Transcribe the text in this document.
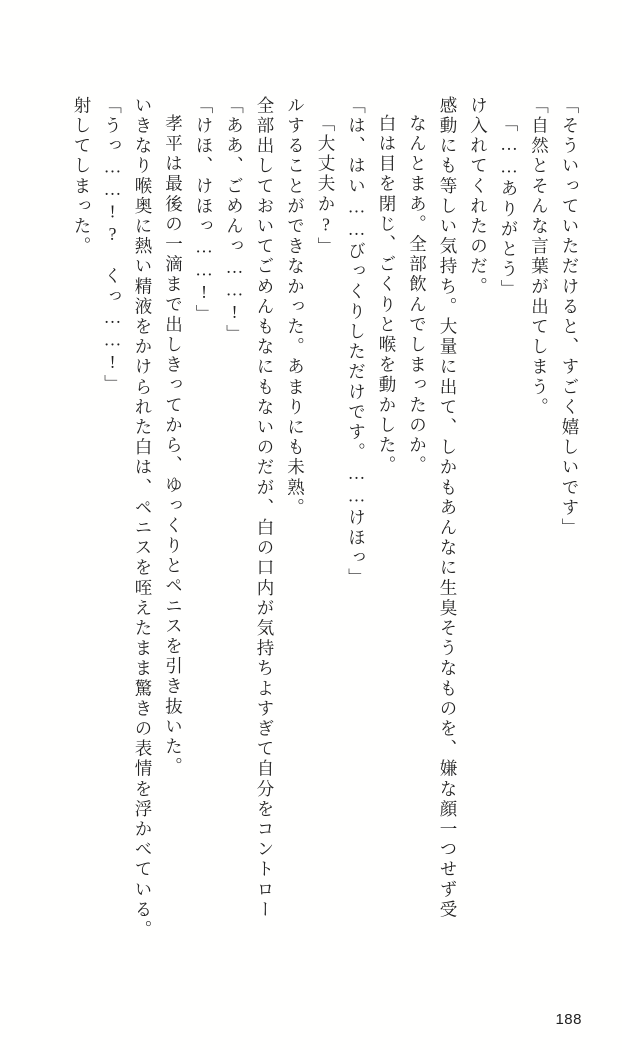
射してしまった。 「うっ……!?　くっ……!」 いきなり喉奥に熱い精液をかけられた白は、ペニスを咥えたまま驚きの表情を浮かべている。 孝平は最後の一滴まで出しきってから、ゆっくりとペニスを引き抜いた。 「けほ、けほっ……!」 「ああ、ごめんっ……!」 全部出しておいてごめんもなにもないのだが、白の口内が気持ちよすぎて自分をコントロー ルすることができなかった。あまりにも未熟。 「大丈夫か?」 「は、はい……びっくりしただけです。……けほっ」 白は目を閉じ、ごくりと喉を動かした。 なんとまあ。全部飲んでしまったのか。 感動にも等しい気持ち。大量に出て、しかもあんなに生臭そうなものを、嫌な顔一つせず受 け入れてくれたのだ。 「……ありがとう」 「自然とそんな言葉が出てしまう。 「そういっていただけると、すごく嬉しいです」
188
